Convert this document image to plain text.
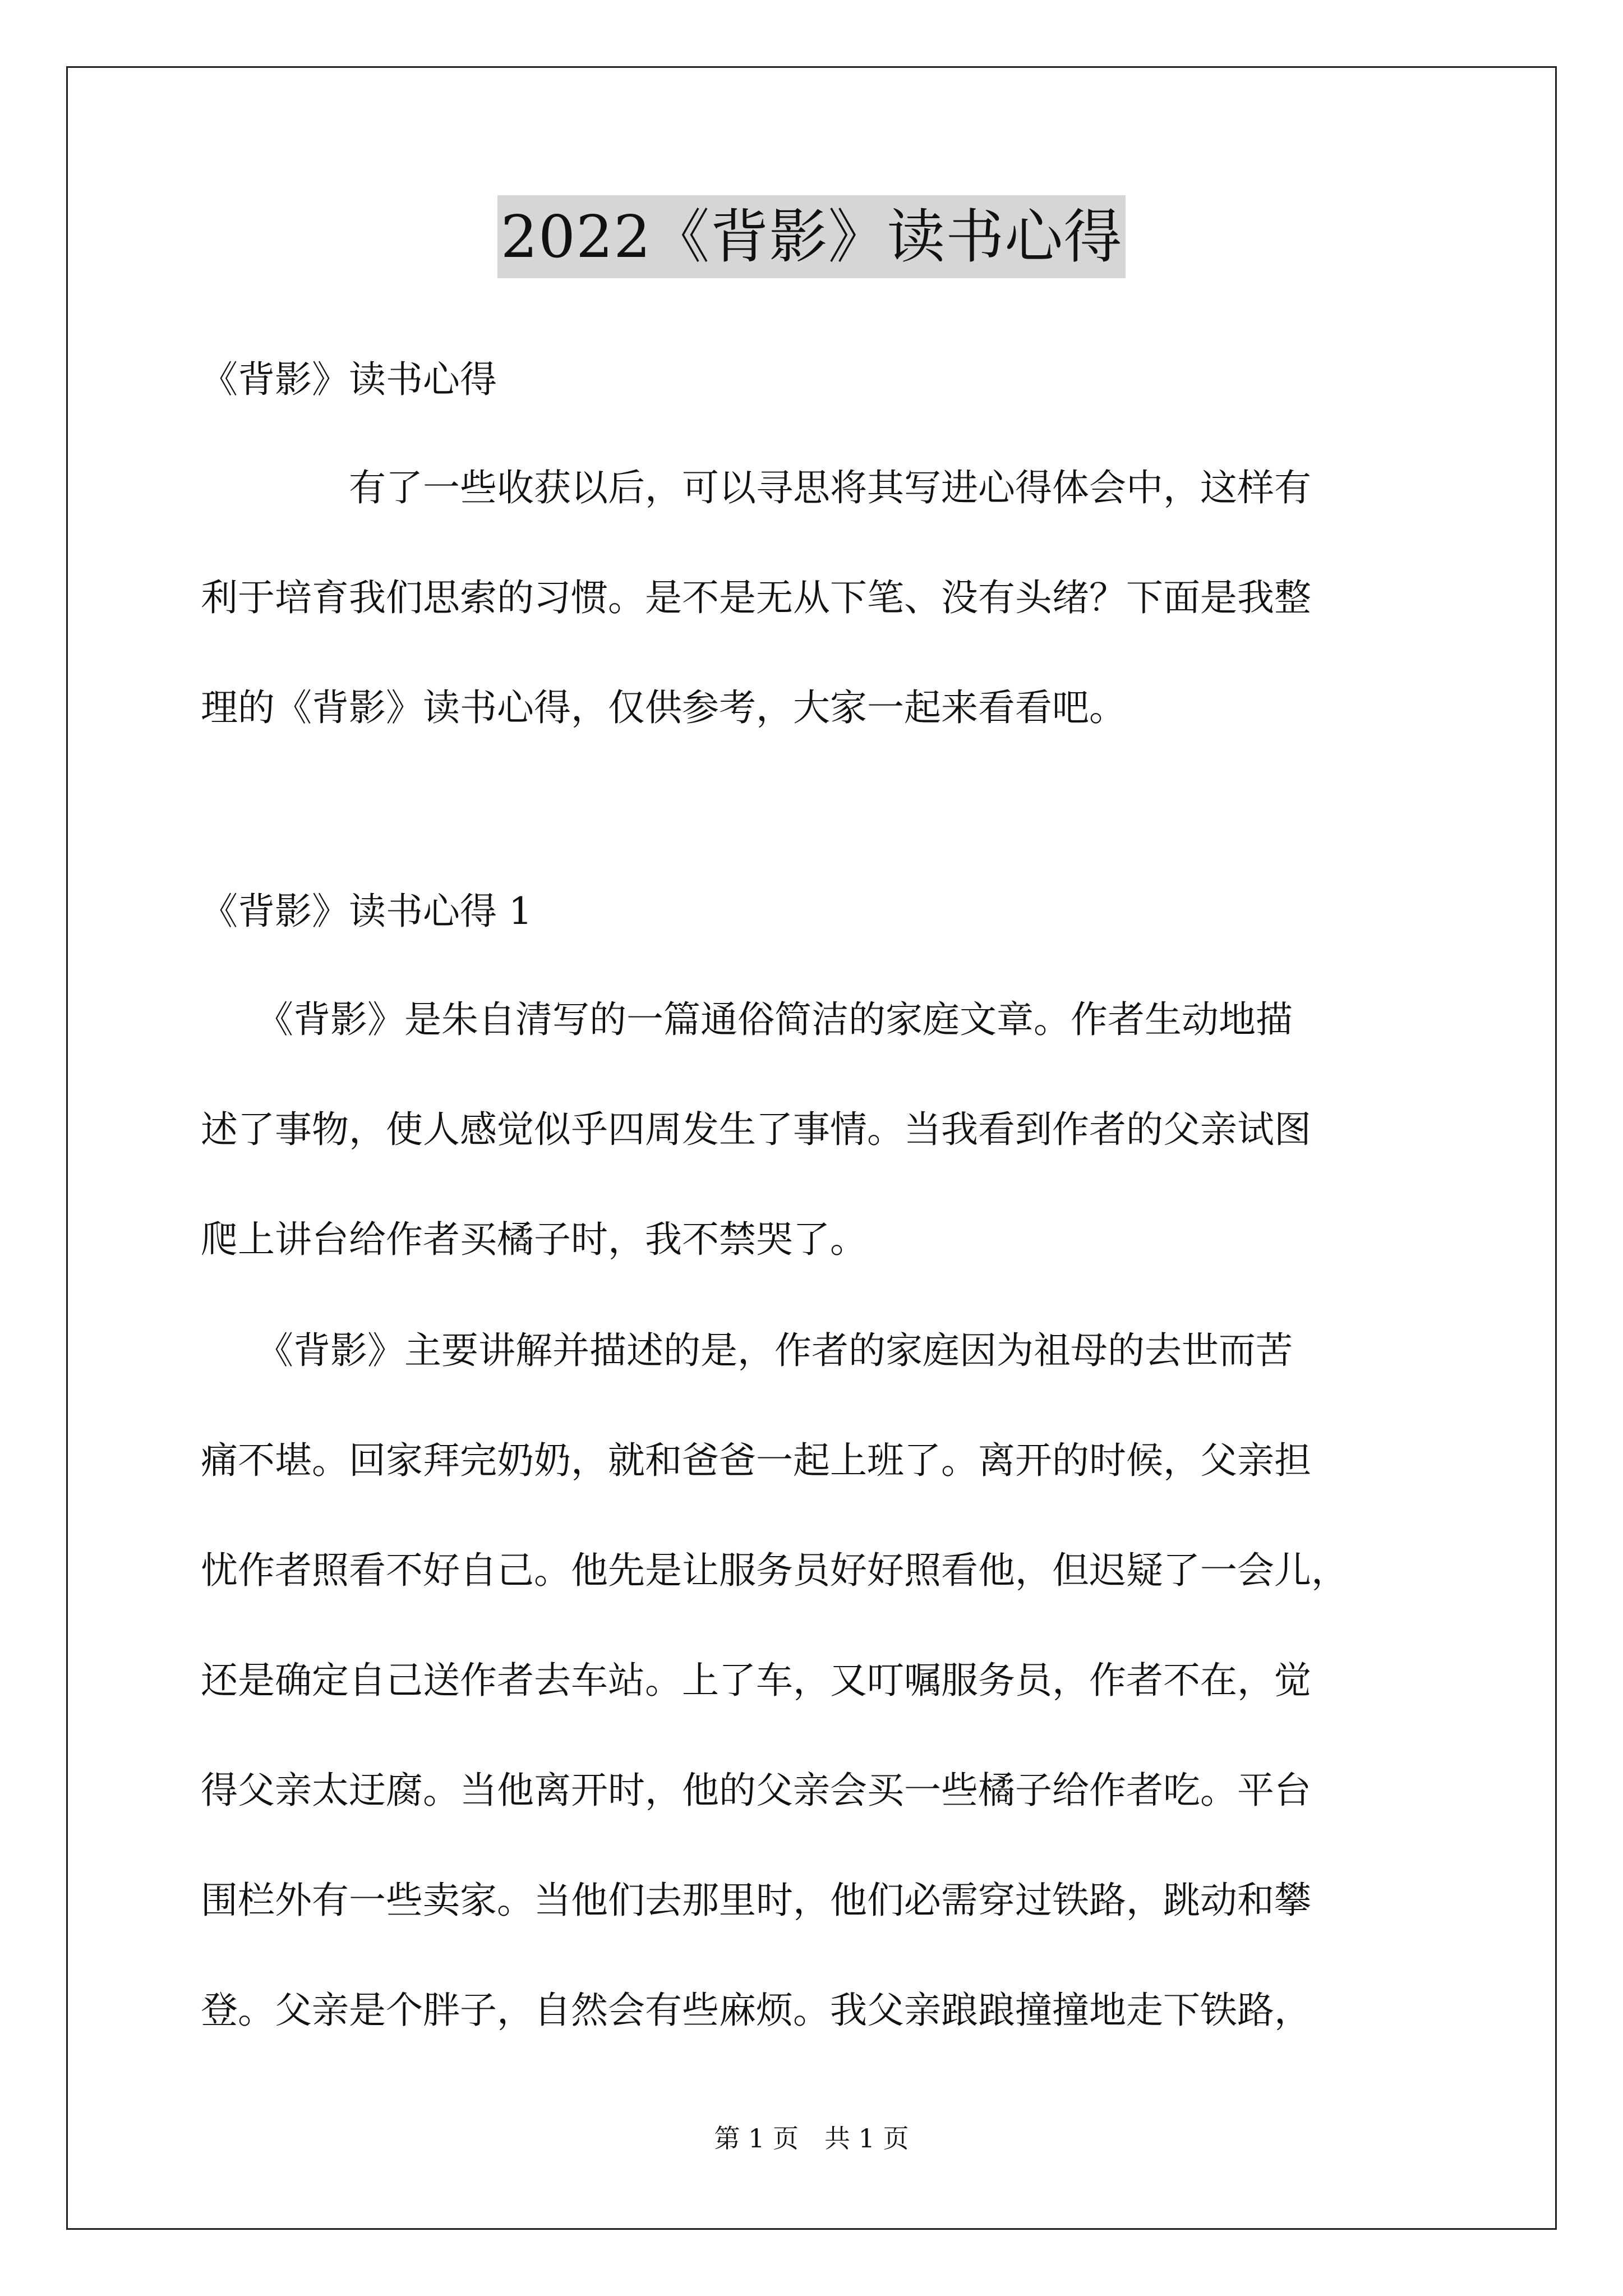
2022《背影》读书心得

《背影》读书心得

　　　　有了一些收获以后，可以寻思将其写进心得体会中，这样有
利于培育我们思索的习惯。是不是无从下笔、没有头绪？下面是我整
理的《背影》读书心得，仅供参考，大家一起来看看吧。

《背影》读书心得 1

　　《背影》是朱自清写的一篇通俗简洁的家庭文章。作者生动地描
述了事物，使人感觉似乎四周发生了事情。当我看到作者的父亲试图
爬上讲台给作者买橘子时，我不禁哭了。
　　《背影》主要讲解并描述的是，作者的家庭因为祖母的去世而苦
痛不堪。回家拜完奶奶，就和爸爸一起上班了。离开的时候，父亲担
忧作者照看不好自己。他先是让服务员好好照看他，但迟疑了一会儿，
还是确定自己送作者去车站。上了车，又叮嘱服务员，作者不在，觉
得父亲太迂腐。当他离开时，他的父亲会买一些橘子给作者吃。平台
围栏外有一些卖家。当他们去那里时，他们必需穿过铁路，跳动和攀
登。父亲是个胖子，自然会有些麻烦。我父亲踉踉撞撞地走下铁路，
第 1 页　共 1 页
